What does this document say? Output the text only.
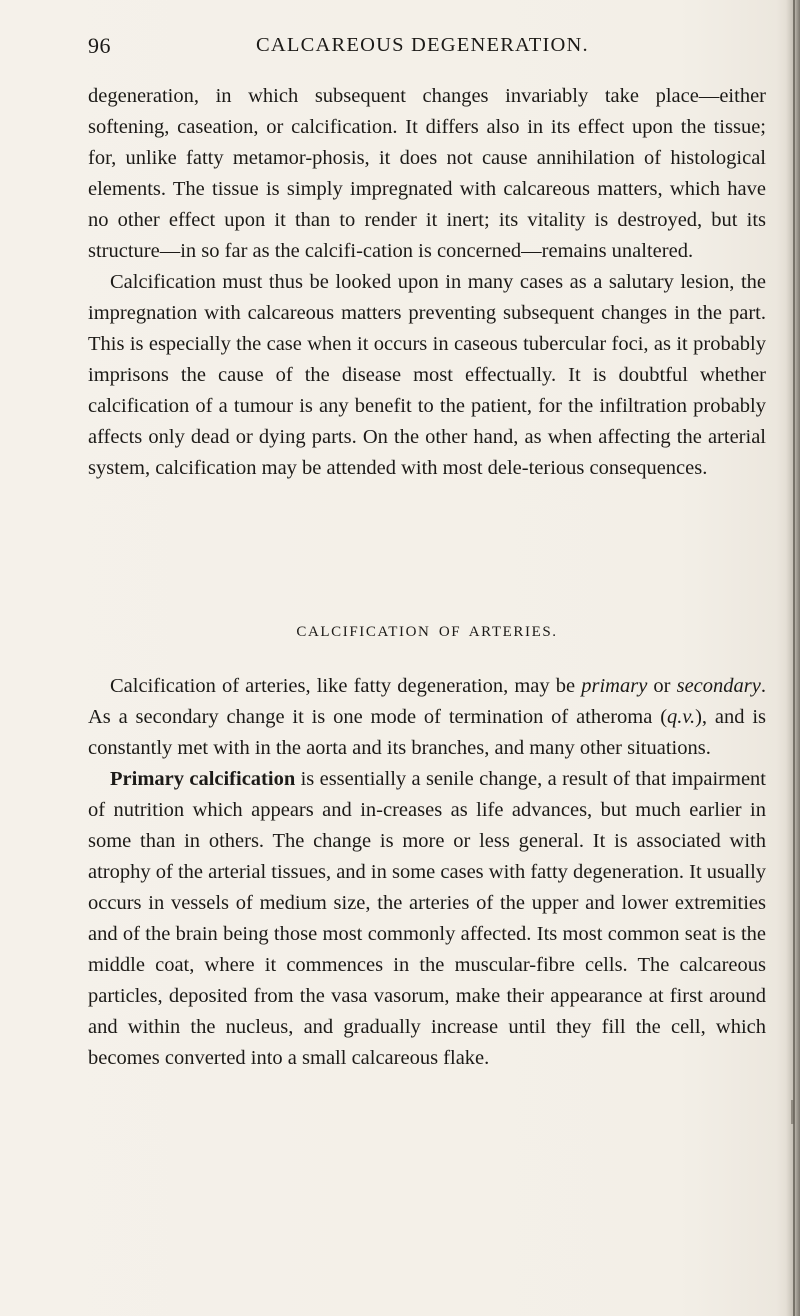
96	CALCAREOUS DEGENERATION.

degeneration, in which subsequent changes invariably take place—either softening, caseation, or calcification. It differs also in its effect upon the tissue; for, unlike fatty metamor-phosis, it does not cause annihilation of histological elements. The tissue is simply impregnated with calcareous matters, which have no other effect upon it than to render it inert; its vitality is destroyed, but its structure—in so far as the calcifi-cation is concerned—remains unaltered.

Calcification must thus be looked upon in many cases as a salutary lesion, the impregnation with calcareous matters preventing subsequent changes in the part. This is especially the case when it occurs in caseous tubercular foci, as it probably imprisons the cause of the disease most effectually. It is doubtful whether calcification of a tumour is any benefit to the patient, for the infiltration probably affects only dead or dying parts. On the other hand, as when affecting the arterial system, calcification may be attended with most dele-terious consequences.

CALCIFICATION OF ARTERIES.

Calcification of arteries, like fatty degeneration, may be primary or secondary. As a secondary change it is one mode of termination of atheroma (q.v.), and is constantly met with in the aorta and its branches, and many other situations.

Primary calcification is essentially a senile change, a result of that impairment of nutrition which appears and in-creases as life advances, but much earlier in some than in others. The change is more or less general. It is associated with atrophy of the arterial tissues, and in some cases with fatty degeneration. It usually occurs in vessels of medium size, the arteries of the upper and lower extremities and of the brain being those most commonly affected. Its most common seat is the middle coat, where it commences in the muscular-fibre cells. The calcareous particles, deposited from the vasa vasorum, make their appearance at first around and within the nucleus, and gradually increase until they fill the cell, which becomes converted into a small calcareous flake.
